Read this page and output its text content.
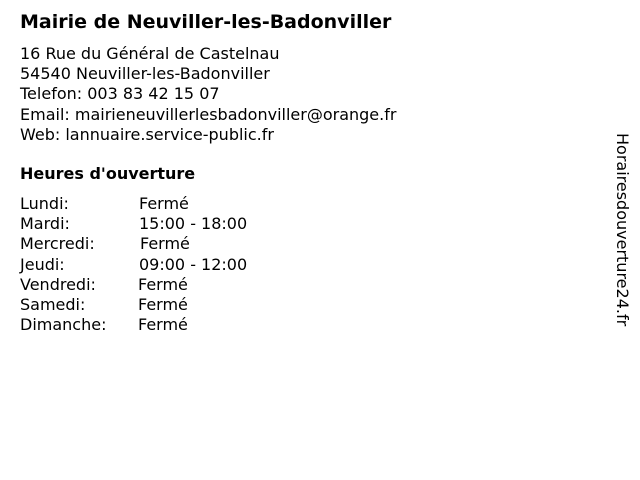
Mairie de Neuviller-les-Badonviller
16 Rue du Général de Castelnau
54540 Neuviller-les-Badonviller
Telefon: 003 83 42 15 07
Email: mairieneuvillerlesbadonviller@orange.fr
Web: lannuaire.service-public.fr
Heures d'ouverture
Lundi:	Fermé
Mardi:	15:00 - 18:00
Mercredi:	Fermé
Jeudi:	09:00 - 12:00
Vendredi:	Fermé
Samedi:	Fermé
Dimanche: Fermé	Horairesdouverture24.fr
